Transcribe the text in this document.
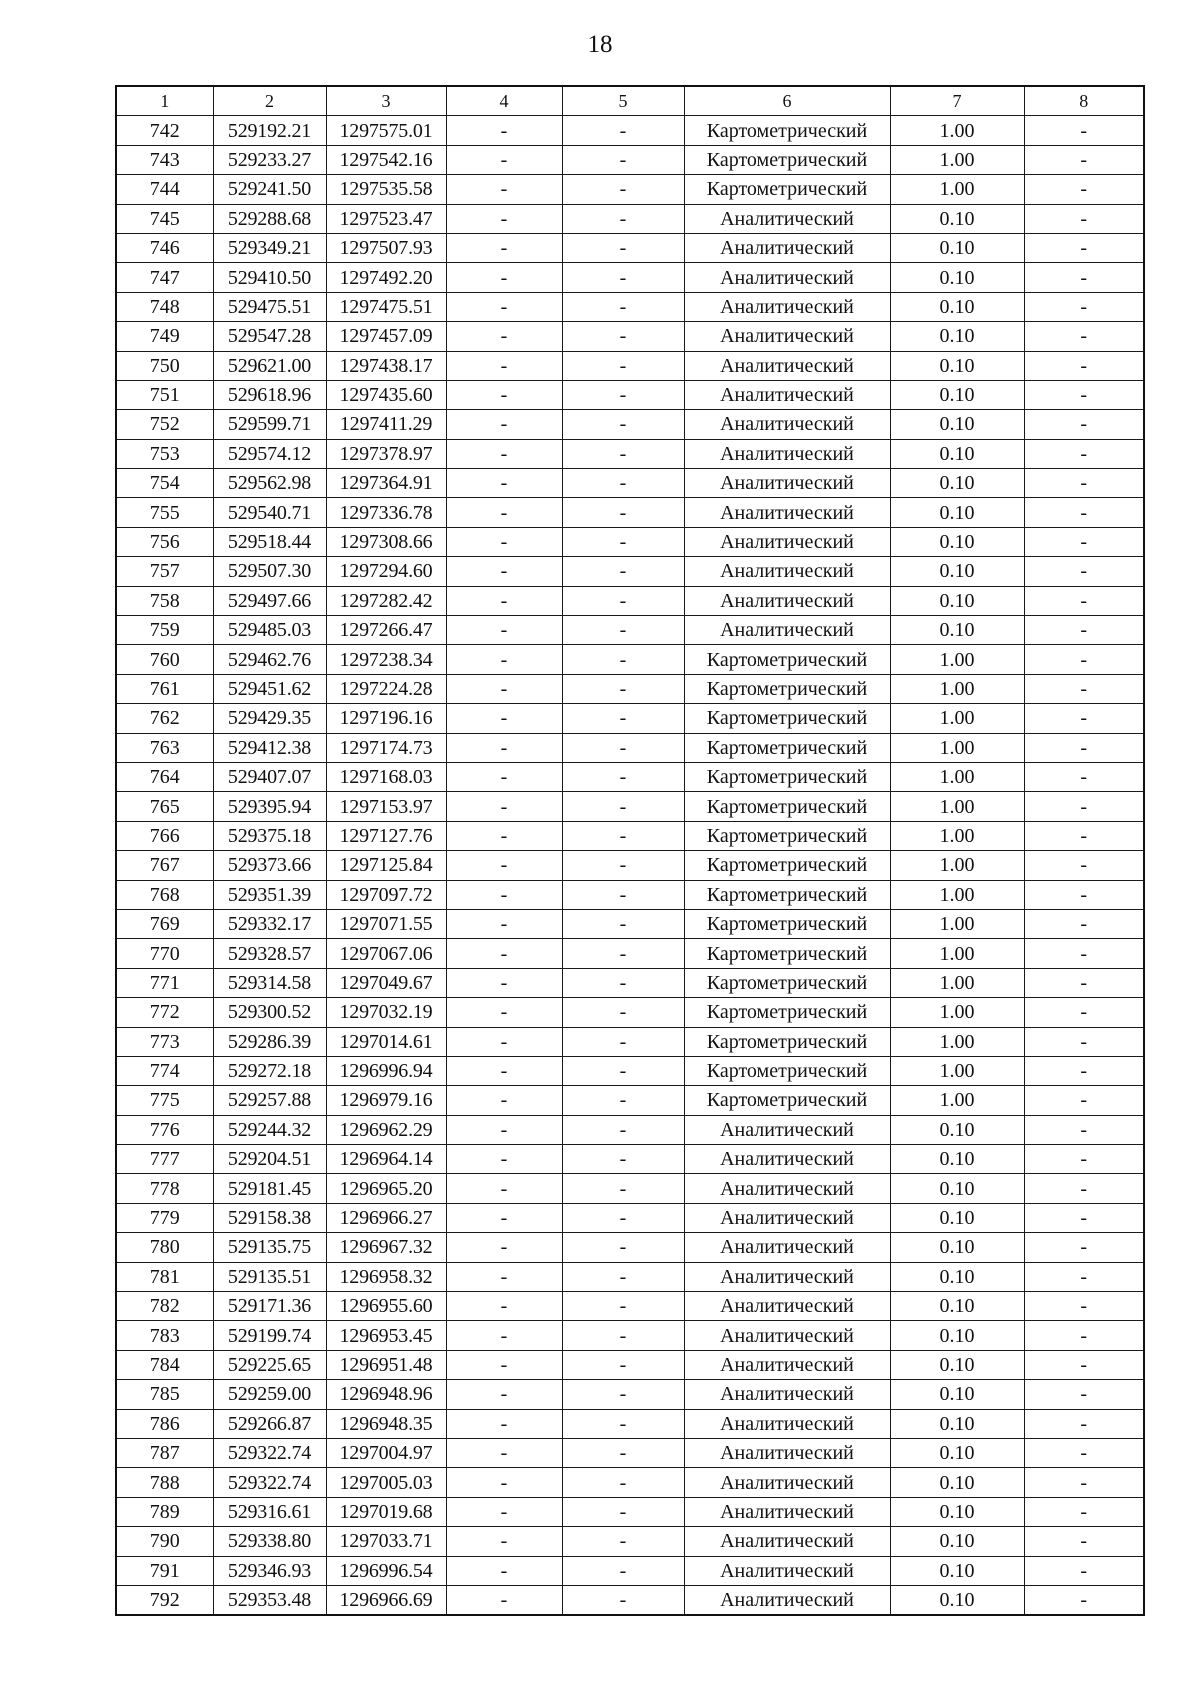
18
1	2	3	4	5	6	7	8
742	529192.21	1297575.01	-	-	Картометрический	1.00	-
743	529233.27	1297542.16	-	-	Картометрический	1.00	-
744	529241.50	1297535.58	-	-	Картометрический	1.00	-
745	529288.68	1297523.47	-	-	Аналитический	0.10	-
746	529349.21	1297507.93	-	-	Аналитический	0.10	-
747	529410.50	1297492.20	-	-	Аналитический	0.10	-
748	529475.51	1297475.51	-	-	Аналитический	0.10	-
749	529547.28	1297457.09	-	-	Аналитический	0.10	-
750	529621.00	1297438.17	-	-	Аналитический	0.10	-
751	529618.96	1297435.60	-	-	Аналитический	0.10	-
752	529599.71	1297411.29	-	-	Аналитический	0.10	-
753	529574.12	1297378.97	-	-	Аналитический	0.10	-
754	529562.98	1297364.91	-	-	Аналитический	0.10	-
755	529540.71	1297336.78	-	-	Аналитический	0.10	-
756	529518.44	1297308.66	-	-	Аналитический	0.10	-
757	529507.30	1297294.60	-	-	Аналитический	0.10	-
758	529497.66	1297282.42	-	-	Аналитический	0.10	-
759	529485.03	1297266.47	-	-	Аналитический	0.10	-
760	529462.76	1297238.34	-	-	Картометрический	1.00	-
761	529451.62	1297224.28	-	-	Картометрический	1.00	-
762	529429.35	1297196.16	-	-	Картометрический	1.00	-
763	529412.38	1297174.73	-	-	Картометрический	1.00	-
764	529407.07	1297168.03	-	-	Картометрический	1.00	-
765	529395.94	1297153.97	-	-	Картометрический	1.00	-
766	529375.18	1297127.76	-	-	Картометрический	1.00	-
767	529373.66	1297125.84	-	-	Картометрический	1.00	-
768	529351.39	1297097.72	-	-	Картометрический	1.00	-
769	529332.17	1297071.55	-	-	Картометрический	1.00	-
770	529328.57	1297067.06	-	-	Картометрический	1.00	-
771	529314.58	1297049.67	-	-	Картометрический	1.00	-
772	529300.52	1297032.19	-	-	Картометрический	1.00	-
773	529286.39	1297014.61	-	-	Картометрический	1.00	-
774	529272.18	1296996.94	-	-	Картометрический	1.00	-
775	529257.88	1296979.16	-	-	Картометрический	1.00	-
776	529244.32	1296962.29	-	-	Аналитический	0.10	-
777	529204.51	1296964.14	-	-	Аналитический	0.10	-
778	529181.45	1296965.20	-	-	Аналитический	0.10	-
779	529158.38	1296966.27	-	-	Аналитический	0.10	-
780	529135.75	1296967.32	-	-	Аналитический	0.10	-
781	529135.51	1296958.32	-	-	Аналитический	0.10	-
782	529171.36	1296955.60	-	-	Аналитический	0.10	-
783	529199.74	1296953.45	-	-	Аналитический	0.10	-
784	529225.65	1296951.48	-	-	Аналитический	0.10	-
785	529259.00	1296948.96	-	-	Аналитический	0.10	-
786	529266.87	1296948.35	-	-	Аналитический	0.10	-
787	529322.74	1297004.97	-	-	Аналитический	0.10	-
788	529322.74	1297005.03	-	-	Аналитический	0.10	-
789	529316.61	1297019.68	-	-	Аналитический	0.10	-
790	529338.80	1297033.71	-	-	Аналитический	0.10	-
791	529346.93	1296996.54	-	-	Аналитический	0.10	-
792	529353.48	1296966.69	-	-	Аналитический	0.10	-
